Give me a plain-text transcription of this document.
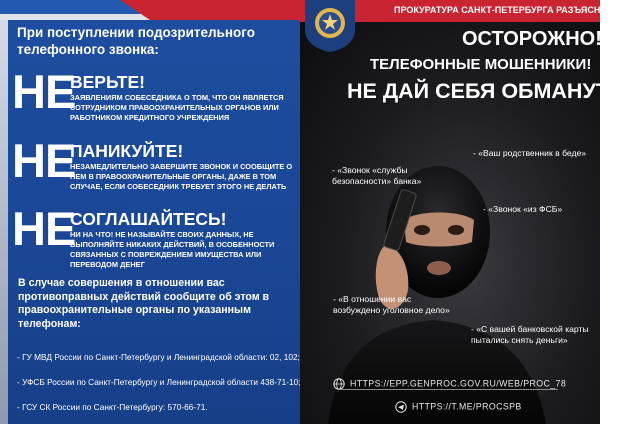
При поступлении подозрительного телефонного звонка:
НЕ
ВЕРЬТЕ!
ЗАЯВЛЕНИЯМ СОБЕСЕДНИКА О ТОМ, ЧТО ОН ЯВЛЯЕТСЯ СОТРУДНИКОМ ПРАВООХРАНИТЕЛЬНЫХ ОРГАНОВ ИЛИ РАБОТНИКОМ КРЕДИТНОГО УЧРЕЖДЕНИЯ
НЕ
ПАНИКУЙТЕ!
НЕЗАМЕДЛИТЕЛЬНО ЗАВЕРШИТЕ ЗВОНОК И СООБЩИТЕ О НЕМ В ПРАВООХРАНИТЕЛЬНЫЕ ОРГАНЫ, ДАЖЕ В ТОМ СЛУЧАЕ, ЕСЛИ СОБЕСЕДНИК ТРЕБУЕТ ЭТОГО НЕ ДЕЛАТЬ
НЕ
СОГЛАШАЙТЕСЬ!
НИ НА ЧТО! НЕ НАЗЫВАЙТЕ СВОИХ ДАННЫХ, НЕ ВЫПОЛНЯЙТЕ НИКАКИХ ДЕЙСТВИЙ, В ОСОБЕННОСТИ СВЯЗАННЫХ С ПОВРЕЖДЕНИЕМ ИМУЩЕСТВА ИЛИ ПЕРЕВОДОМ ДЕНЕГ
В случае совершения в отношении вас противоправных действий сообщите об этом в правоохранительные органы по указанным телефонам:
- ГУ МВД России по Санкт-Петербургу и Ленинградской области: 02, 102;
- УФСБ России по Санкт-Петербургу и Ленинградской области 438-71-10;
- ГСУ СК России по Санкт-Петербургу: 570-66-71.
- «Ваш родственник в беде»
- «Звонок «службы безопасности» банка»
- «Звонок «из ФСБ»
- «В отношении вас возбуждено уголовное дело»
- «С вашей банковской карты пытались снять деньги»
ОСТОРОЖНО!
ТЕЛЕФОННЫЕ МОШЕННИКИ!
НЕ ДАЙ СЕБЯ ОБМАНУТЬ!
HTTPS://EPP.GENPROC.GOV.RU/WEB/PROC_78
HTTPS://T.ME/PROCSPB
ПРОКУРАТУРА САНКТ-ПЕТЕРБУРГА РАЗЪЯСНЯЕТ
